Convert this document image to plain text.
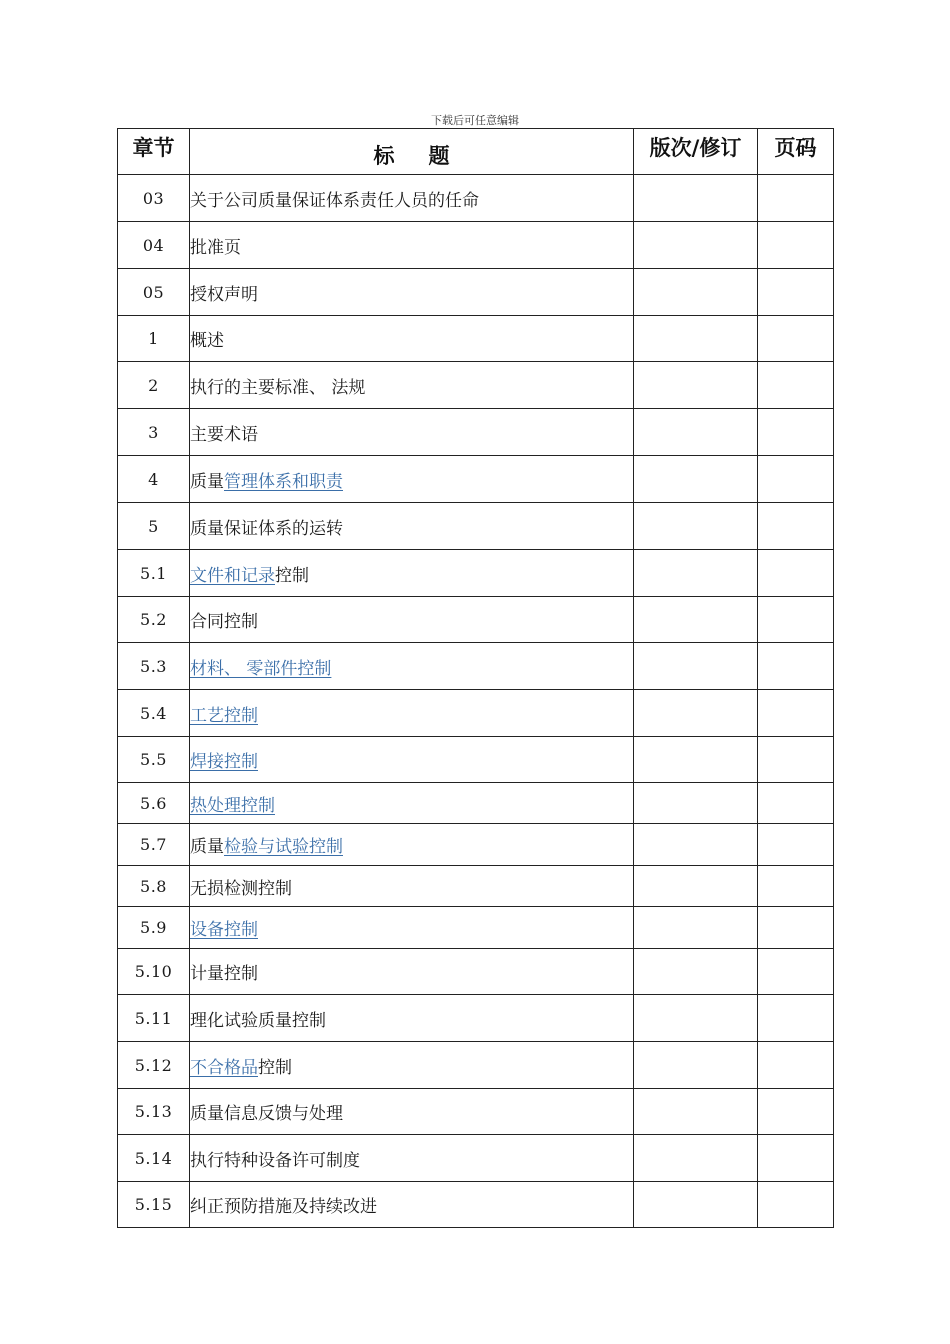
下载后可任意编辑
章节	标题	版次/修订	页码

03	关于公司质量保证体系责任人员的任命		
04	批准页		
05	授权声明		
1	概述		
2	执行的主要标准、 法规		
3	主要术语		
4	质量管理体系和职责		
5	质量保证体系的运转		
5.1	文件和记录控制		
5.2	合同控制		
5.3	材料、 零部件控制		
5.4	工艺控制		
5.5	焊接控制		
5.6	热处理控制		
5.7	质量检验与试验控制		
5.8	无损检测控制		
5.9	设备控制		
5.10	计量控制		
5.11	理化试验质量控制		
5.12	不合格品控制		
5.13	质量信息反馈与处理		
5.14	执行特种设备许可制度		
5.15	纠正预防措施及持续改进		
